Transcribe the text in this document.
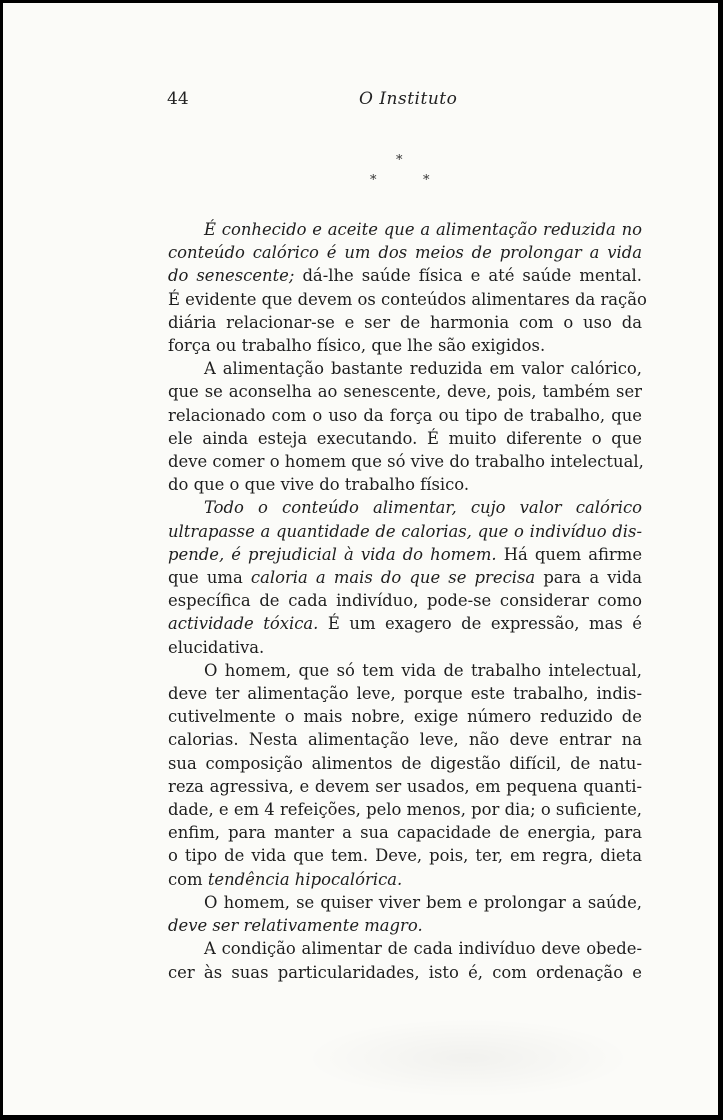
44	O Instituto
*
*	*

É conhecido e aceite que a alimentação reduzida no
conteúdo calórico é um dos meios de prolongar a vida
do senescente; dá-lhe saúde física e até saúde mental.
É evidente que devem os conteúdos alimentares da ração
diária relacionar-se e ser de harmonia com o uso da
força ou trabalho físico, que lhe são exigidos.

A alimentação bastante reduzida em valor calórico,
que se aconselha ao senescente, deve, pois, também ser
relacionado com o uso da força ou tipo de trabalho, que
ele ainda esteja executando. É muito diferente o que
deve comer o homem que só vive do trabalho intelectual,
do que o que vive do trabalho físico.

Todo o conteúdo alimentar, cujo valor calórico
ultrapasse a quantidade de calorias, que o indivíduo dis-
pende, é prejudicial à vida do homem. Há quem afirme
que uma caloria a mais do que se precisa para a vida
específica de cada indivíduo, pode-se considerar como
actividade tóxica. É um exagero de expressão, mas é
elucidativa.

O homem, que só tem vida de trabalho intelectual,
deve ter alimentação leve, porque este trabalho, indis-
cutivelmente o mais nobre, exige número reduzido de
calorias. Nesta alimentação leve, não deve entrar na
sua composição alimentos de digestão difícil, de natu-
reza agressiva, e devem ser usados, em pequena quanti-
dade, e em 4 refeições, pelo menos, por dia; o suficiente,
enfim, para manter a sua capacidade de energia, para
o tipo de vida que tem. Deve, pois, ter, em regra, dieta
com tendência hipocalórica.

O homem, se quiser viver bem e prolongar a saúde,
deve ser relativamente magro.

A condição alimentar de cada indivíduo deve obede-
cer às suas particularidades, isto é, com ordenação e
